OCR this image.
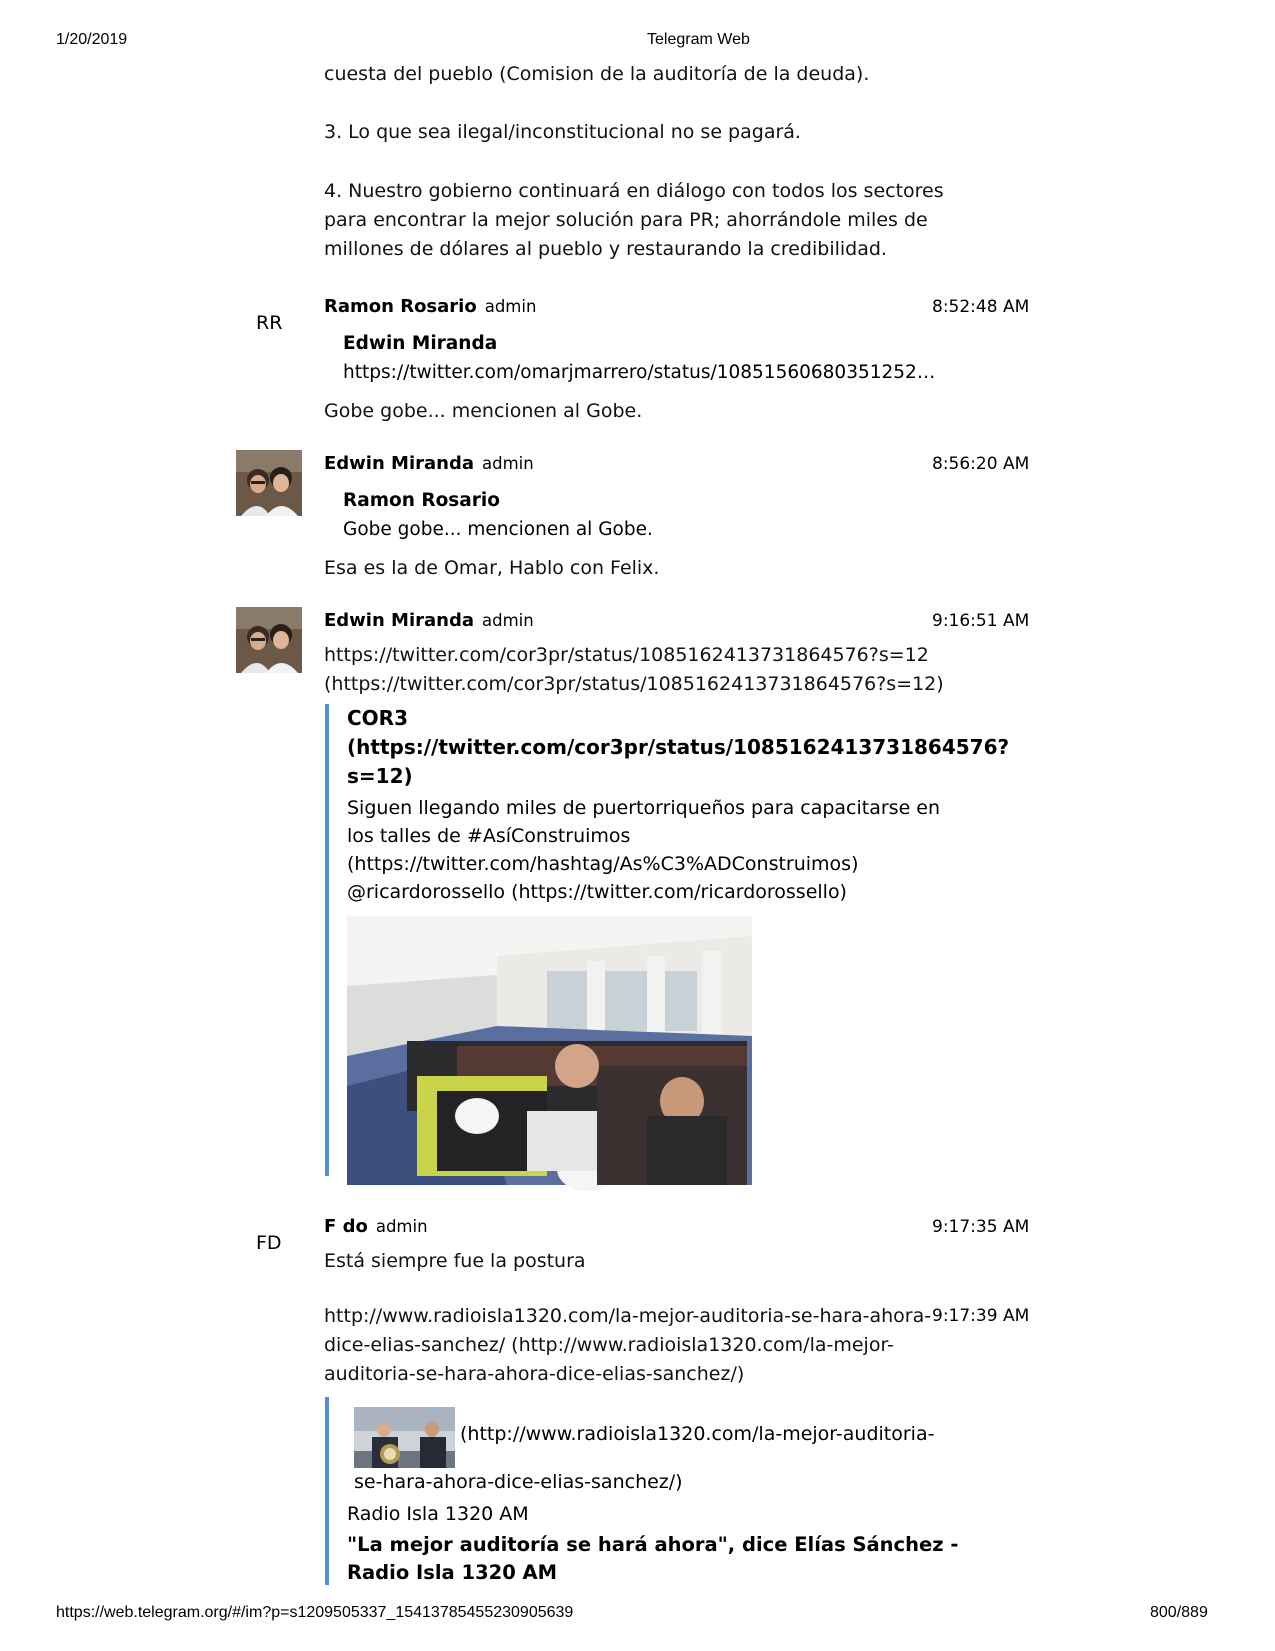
1/20/2019	Telegram Web
cuesta del pueblo (Comision de la auditoría de la deuda).
3. Lo que sea ilegal/inconstitucional no se pagará.
4. Nuestro gobierno continuará en diálogo con todos los sectores
para encontrar la mejor solución para PR; ahorrándole miles de
millones de dólares al pueblo y restaurando la credibilidad.
RR
Ramon Rosario admin	8:52:48 AM
Edwin Miranda
https://twitter.com/omarjmarrero/status/10851560680351252…
Gobe gobe... mencionen al Gobe.
Edwin Miranda admin	8:56:20 AM
Ramon Rosario
Gobe gobe... mencionen al Gobe.
Esa es la de Omar, Hablo con Felix.
Edwin Miranda admin	9:16:51 AM
https://twitter.com/cor3pr/status/1085162413731864576?s=12
(https://twitter.com/cor3pr/status/1085162413731864576?s=12)
COR3
(https://twitter.com/cor3pr/status/1085162413731864576?
s=12)
Siguen llegando miles de puertorriqueños para capacitarse en
los talles de #AsíConstruimos
(https://twitter.com/hashtag/As%C3%ADConstruimos)
@ricardorossello (https://twitter.com/ricardorossello)
FD
F do admin	9:17:35 AM
Está siempre fue la postura
9:17:39 AM
http://www.radioisla1320.com/la-mejor-auditoria-se-hara-ahora-
dice-elias-sanchez/ (http://www.radioisla1320.com/la-mejor-
auditoria-se-hara-ahora-dice-elias-sanchez/)
(http://www.radioisla1320.com/la-mejor-auditoria-
se-hara-ahora-dice-elias-sanchez/)
Radio Isla 1320 AM
"La mejor auditoría se hará ahora", dice Elías Sánchez -
Radio Isla 1320 AM
https://web.telegram.org/#/im?p=s1209505337_15413785455230905639	800/889
